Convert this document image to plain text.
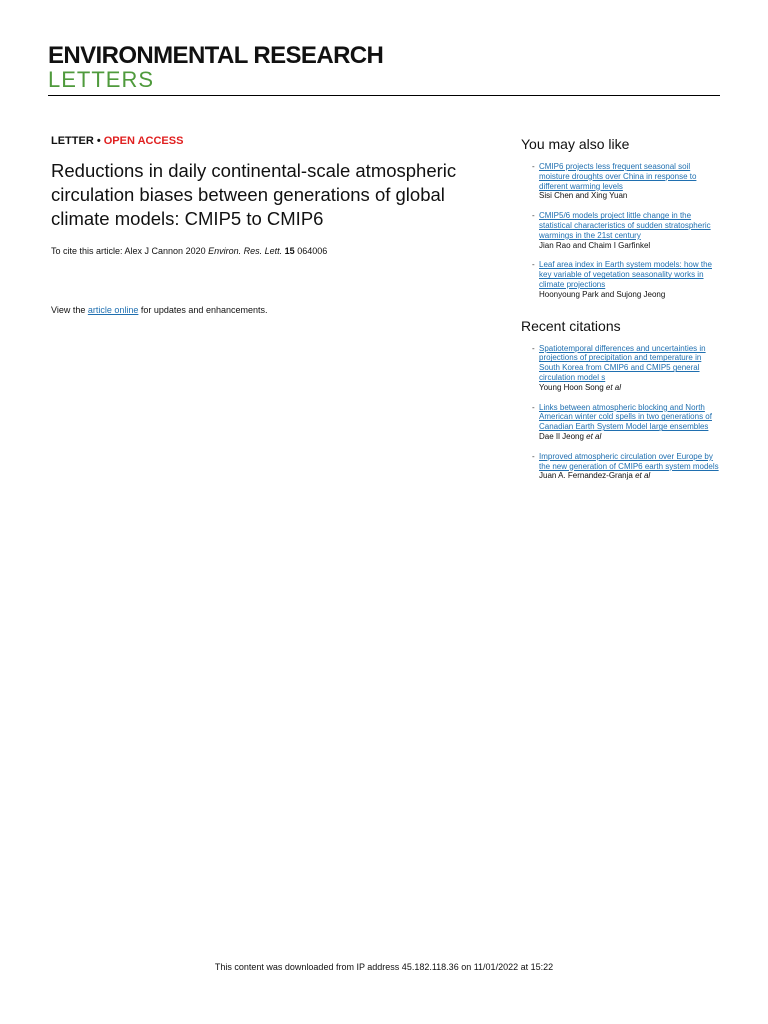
ENVIRONMENTAL RESEARCH
LETTERS
LETTER • OPEN ACCESS
Reductions in daily continental-scale atmospheric circulation biases between generations of global climate models: CMIP5 to CMIP6
To cite this article: Alex J Cannon 2020 Environ. Res. Lett. 15 064006
View the article online for updates and enhancements.
You may also like
- CMIP6 projects less frequent seasonal soil moisture droughts over China in response to different warming levels
Sisi Chen and Xing Yuan
- CMIP5/6 models project little change in the statistical characteristics of sudden stratospheric warmings in the 21st century
Jian Rao and Chaim I Garfinkel
- Leaf area index in Earth system models: how the key variable of vegetation seasonality works in climate projections
Hoonyoung Park and Sujong Jeong
Recent citations
- Spatiotemporal differences and uncertainties in projections of precipitation and temperature in South Korea from CMIP6 and CMIP5 general circulation model s
Young Hoon Song et al
- Links between atmospheric blocking and North American winter cold spells in two generations of Canadian Earth System Model large ensembles
Dae Il Jeong et al
- Improved atmospheric circulation over Europe by the new generation of CMIP6 earth system models
Juan A. Fernandez-Granja et al
This content was downloaded from IP address 45.182.118.36 on 11/01/2022 at 15:22
